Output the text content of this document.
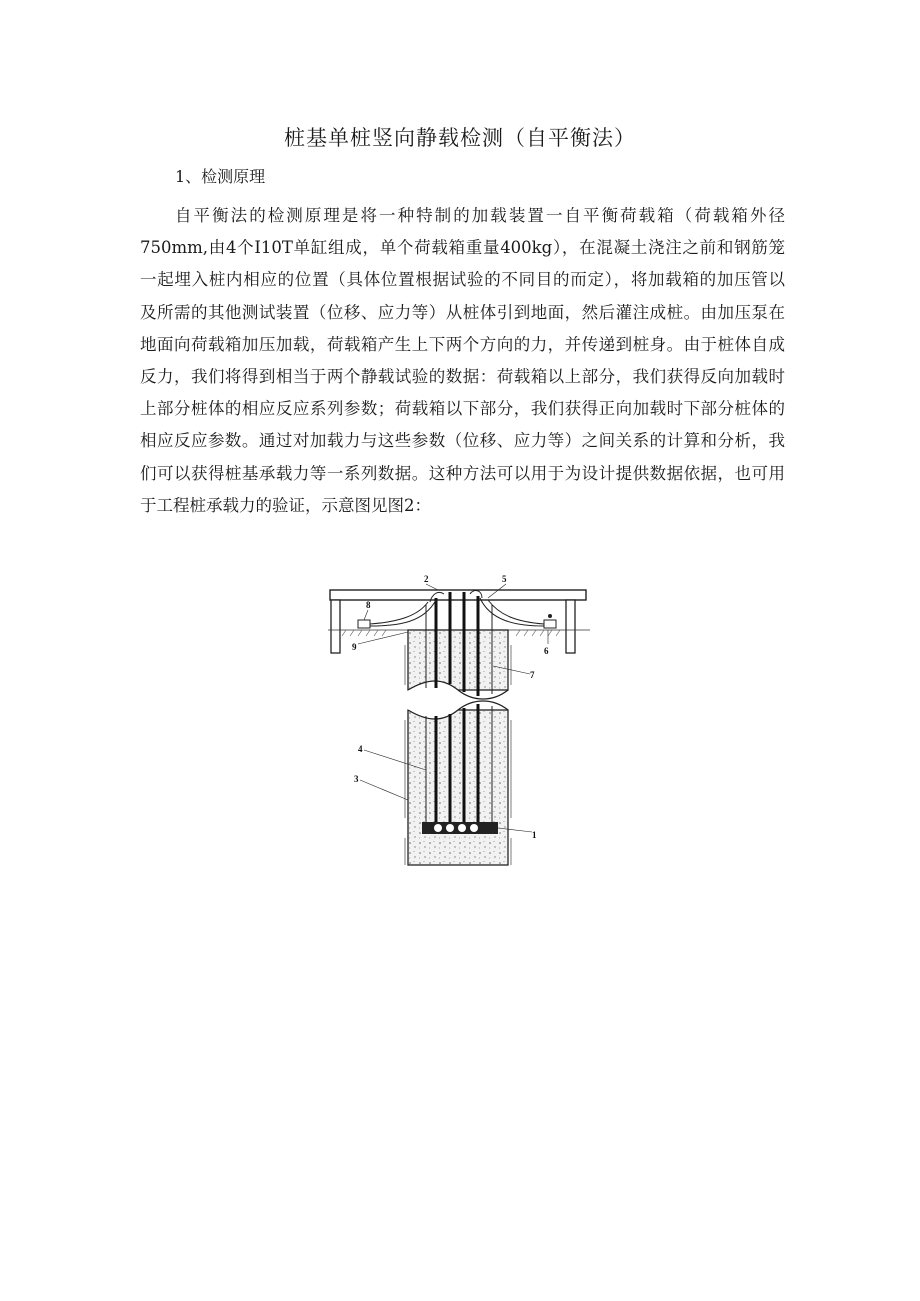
桩基单桩竖向静载检测（自平衡法）
1、检测原理
自平衡法的检测原理是将一种特制的加载装置一自平衡荷载箱（荷载箱外径
750mm,由4个I10T单缸组成，单个荷载箱重量400kg），在混凝土浇注之前和钢筋笼
一起埋入桩内相应的位置（具体位置根据试验的不同目的而定），将加载箱的加压管以
及所需的其他测试装置（位移、应力等）从桩体引到地面，然后灌注成桩。由加压泵在
地面向荷载箱加压加载，荷载箱产生上下两个方向的力，并传递到桩身。由于桩体自成
反力，我们将得到相当于两个静载试验的数据：荷载箱以上部分，我们获得反向加载时
上部分桩体的相应反应系列参数；荷载箱以下部分，我们获得正向加载时下部分桩体的
相应反应参数。通过对加载力与这些参数（位移、应力等）之间关系的计算和分析，我
们可以获得桩基承载力等一系列数据。这种方法可以用于为设计提供数据依据，也可用
于工程桩承载力的验证，示意图见图2：
2	5
8
9
7
6
4
3
1
